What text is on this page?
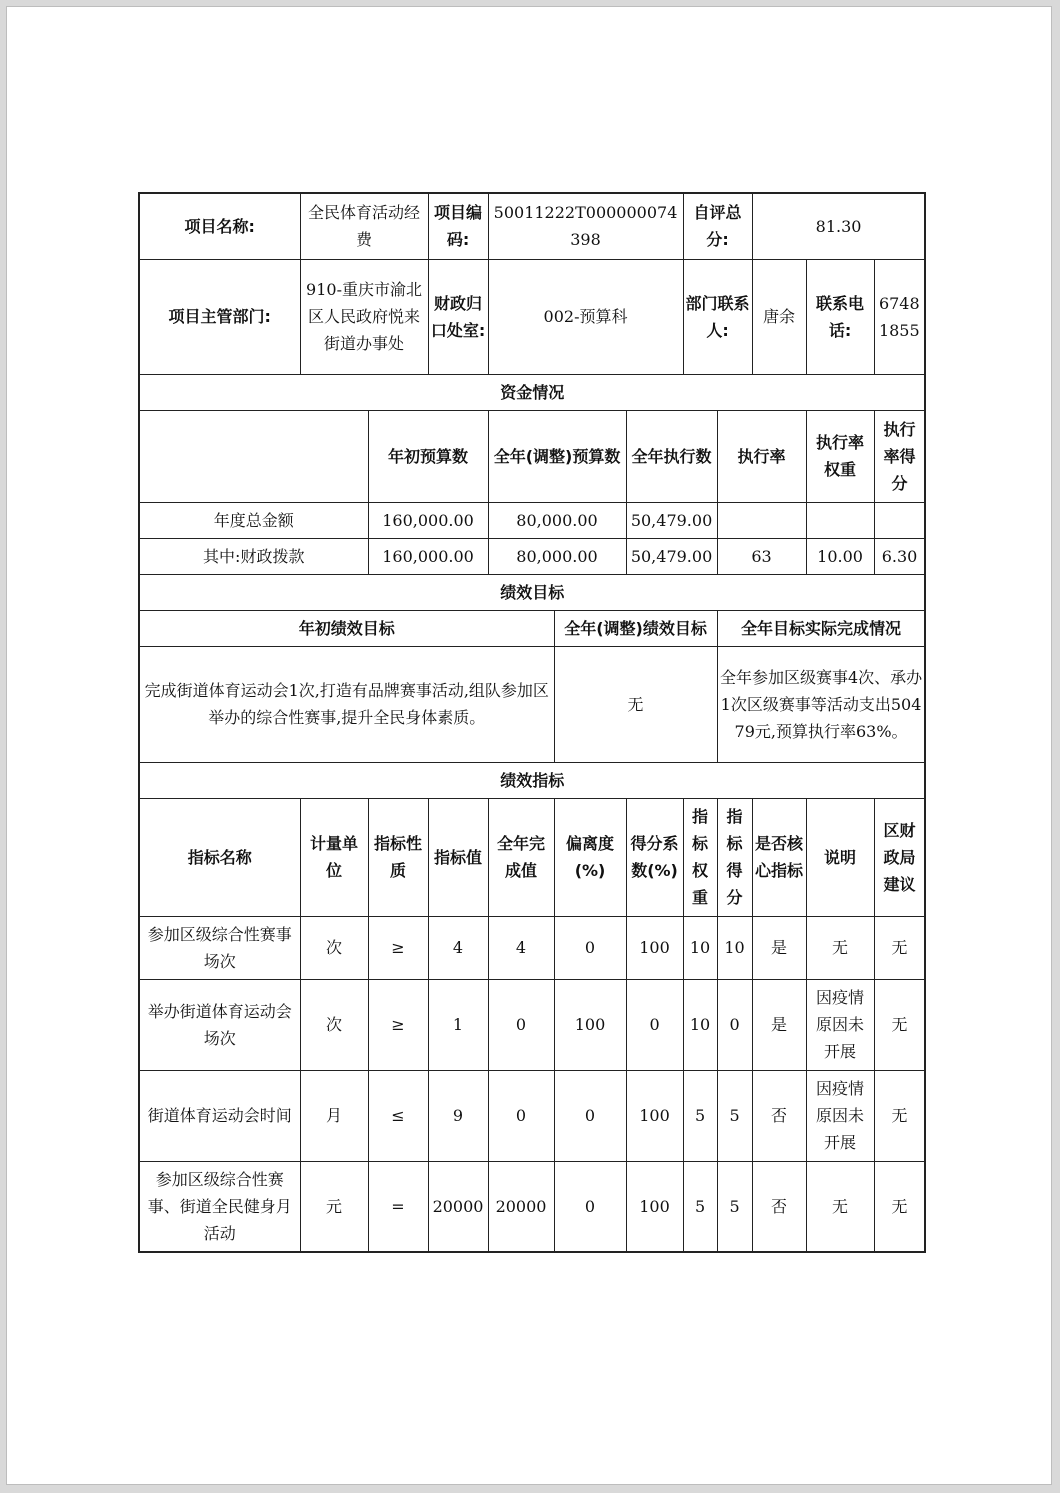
项目名称:	全民体育活动经费		项目编码:	50011222T000000074398			自评总分:		81.30		
项目主管部门:	910-重庆市渝北区人民政府悦来街道办事处		财政归口处室:	002-预算科			部门联系人:		唐余	联系电话:	67481855
资金情况											
		年初预算数		全年(调整)预算数		全年执行数		执行率		执行率权重	执行率得分
年度总金额		160,000.00		80,000.00		50,479.00					
其中:财政拨款		160,000.00		80,000.00		50,479.00		63		10.00	6.30
绩效目标											
年初绩效目标					全年(调整)绩效目标			全年目标实际完成情况			
完成街道体育运动会1次,打造有品牌赛事活动,组队参加区举办的综合性赛事,提升全民身体素质。					无			全年参加区级赛事4次、承办1次区级赛事等活动支出50479元,预算执行率63%。			
绩效指标											
指标名称	计量单位	指标性质	指标值	全年完成值	偏离度(%)	得分系数(%)	指标权重	指标得分	是否核心指标	说明	区财政局建议
参加区级综合性赛事场次	次	≥	4	4	0	100	10	10	是	无	无
举办街道体育运动会场次	次	≥	1	0	100	0	10	0	是	因疫情原因未开展	无
街道体育运动会时间	月	≤	9	0	0	100	5	5	否	因疫情原因未开展	无
参加区级综合性赛事、街道全民健身月活动	元	=	20000	20000	0	100	5	5	否	无	无
